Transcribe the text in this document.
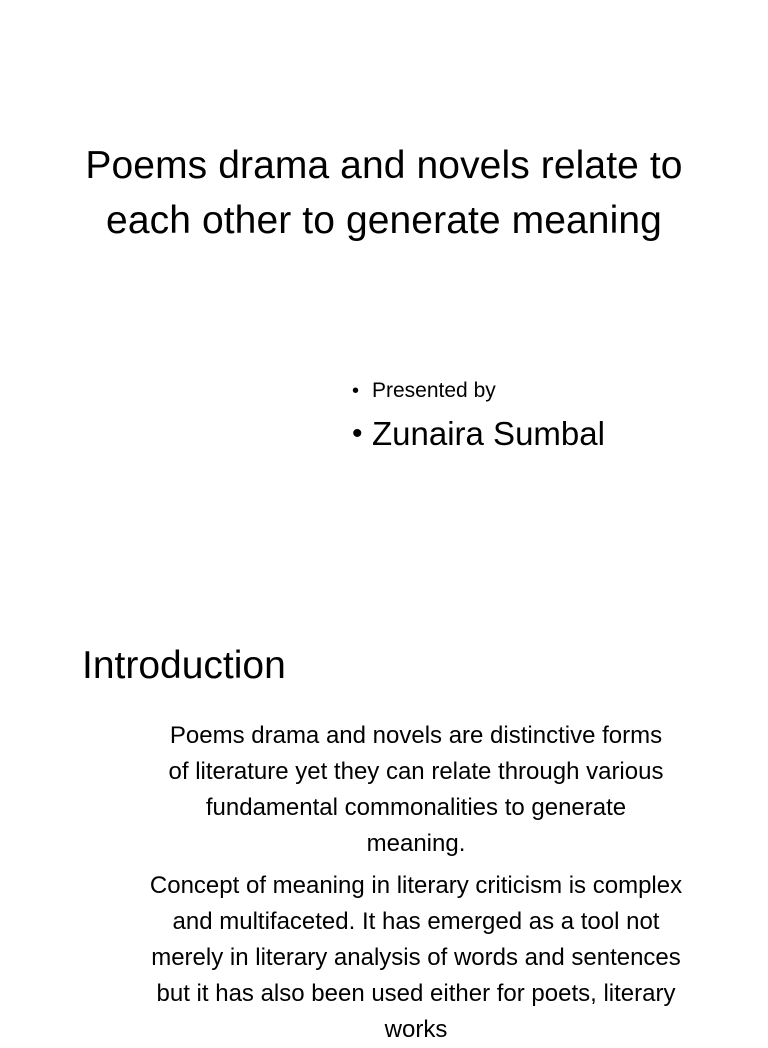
Poems drama and novels relate to each other to generate meaning
• Presented by
• Zunaira Sumbal
Introduction

Poems drama and novels are distinctive forms of literature yet they can relate through various fundamental commonalities to generate meaning.

Concept of meaning in literary criticism is complex and multifaceted. It has emerged as a tool not merely in literary analysis of words and sentences but it has also been used either for poets, literary works
